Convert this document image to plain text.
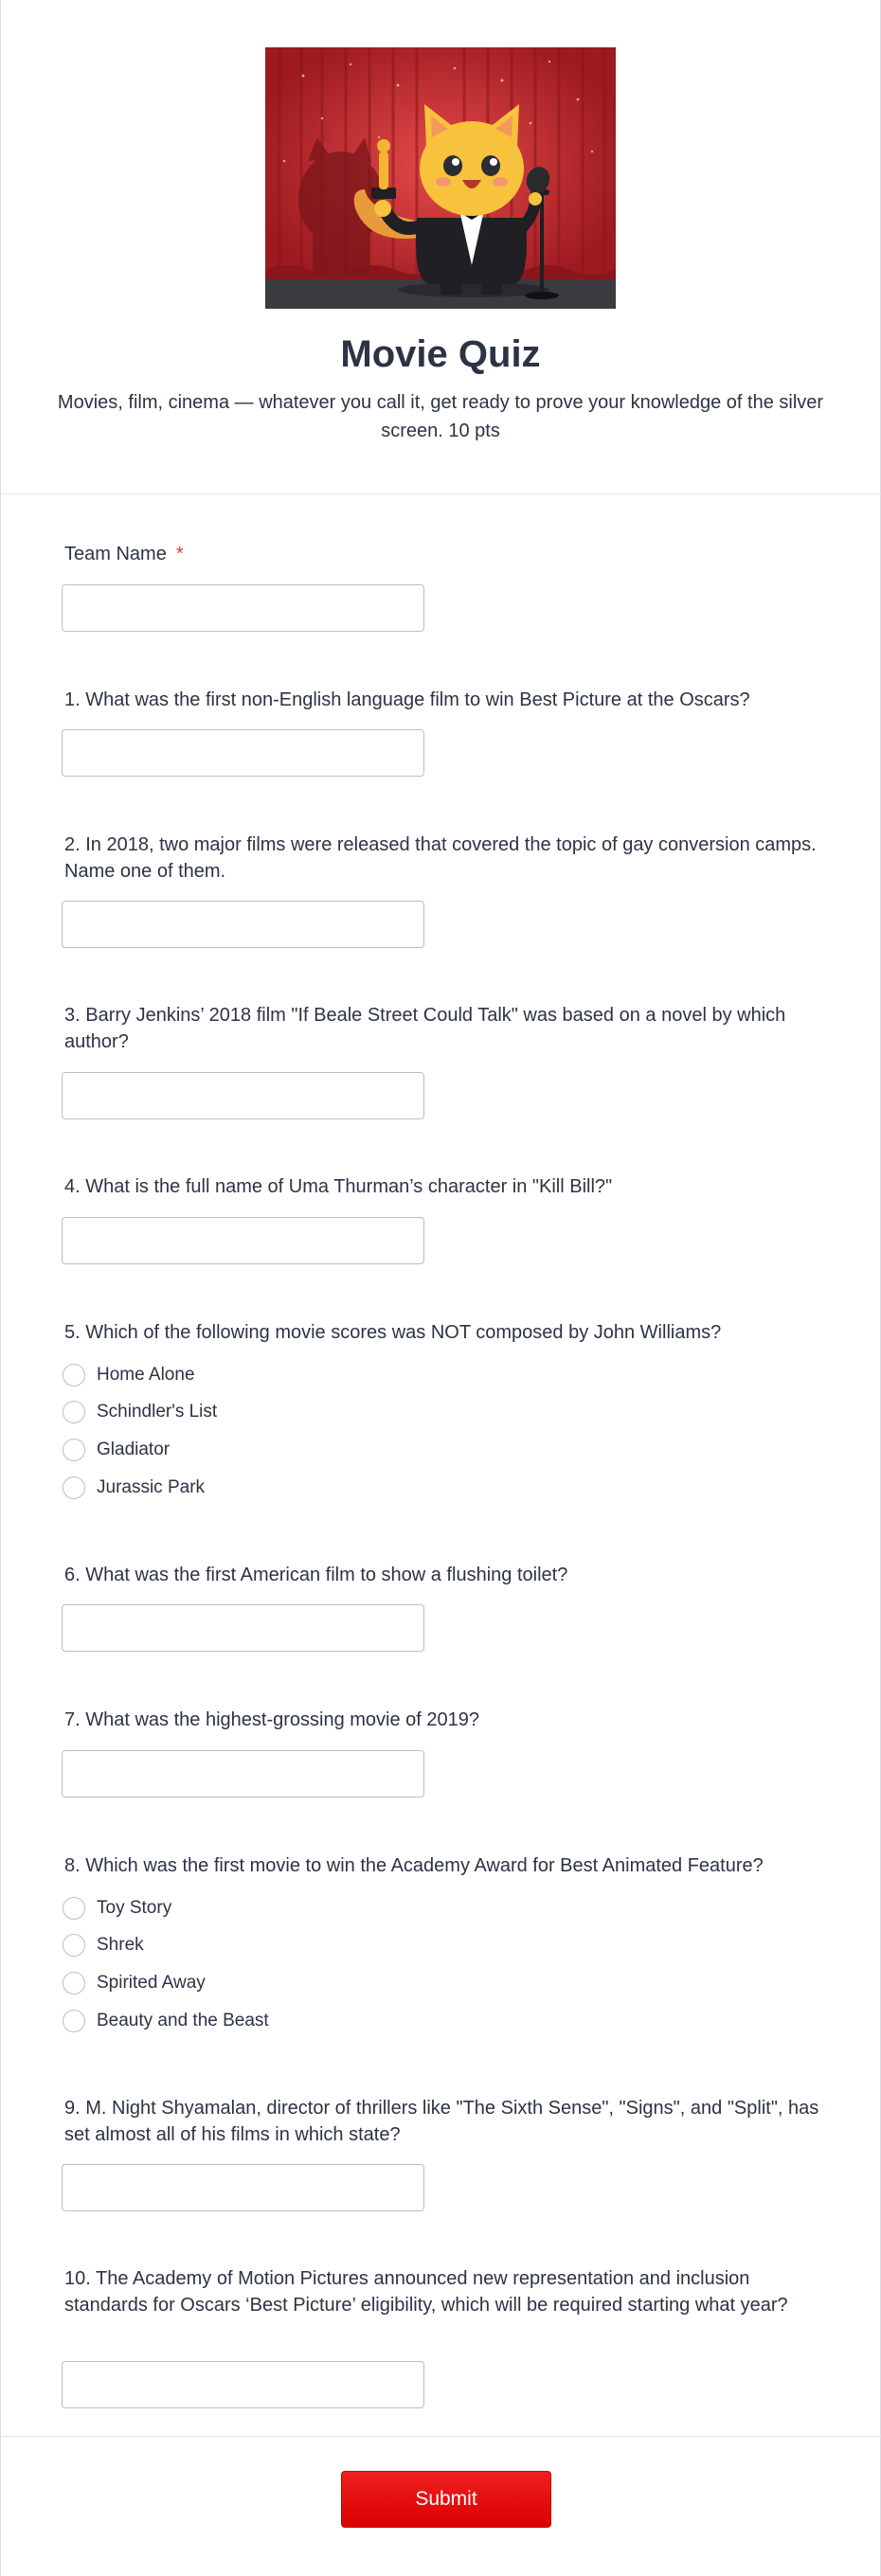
Movie Quiz
Movies, film, cinema — whatever you call it, get ready to prove your knowledge of the silver screen. 10 pts
Team Name *
1. What was the first non-English language film to win Best Picture at the Oscars?
2. In 2018, two major films were released that covered the topic of gay conversion camps. Name one of them.
3. Barry Jenkins’ 2018 film "If Beale Street Could Talk" was based on a novel by which author?
4. What is the full name of Uma Thurman’s character in "Kill Bill?"
5. Which of the following movie scores was NOT composed by John Williams?
Home Alone
Schindler's List
Gladiator
Jurassic Park
6. What was the first American film to show a flushing toilet?
7. What was the highest-grossing movie of 2019?
8. Which was the first movie to win the Academy Award for Best Animated Feature?
Toy Story
Shrek
Spirited Away
Beauty and the Beast
9. M. Night Shyamalan, director of thrillers like "The Sixth Sense", "Signs", and "Split", has set almost all of his films in which state?
10. The Academy of Motion Pictures announced new representation and inclusion standards for Oscars ‘Best Picture’ eligibility, which will be required starting what year?
Submit
